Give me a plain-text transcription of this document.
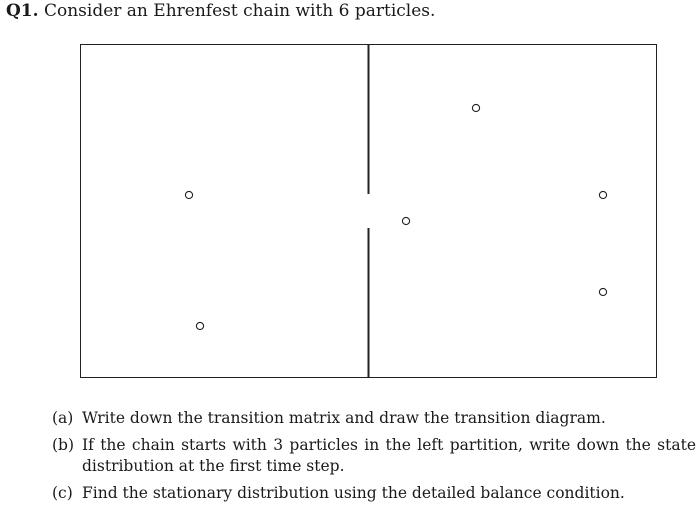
Q1. Consider an Ehrenfest chain with 6 particles.
(a) Write down the transition matrix and draw the transition diagram.
(b) If the chain starts with 3 particles in the left partition, write down the state distribution at the first time step.
(c) Find the stationary distribution using the detailed balance condition.
